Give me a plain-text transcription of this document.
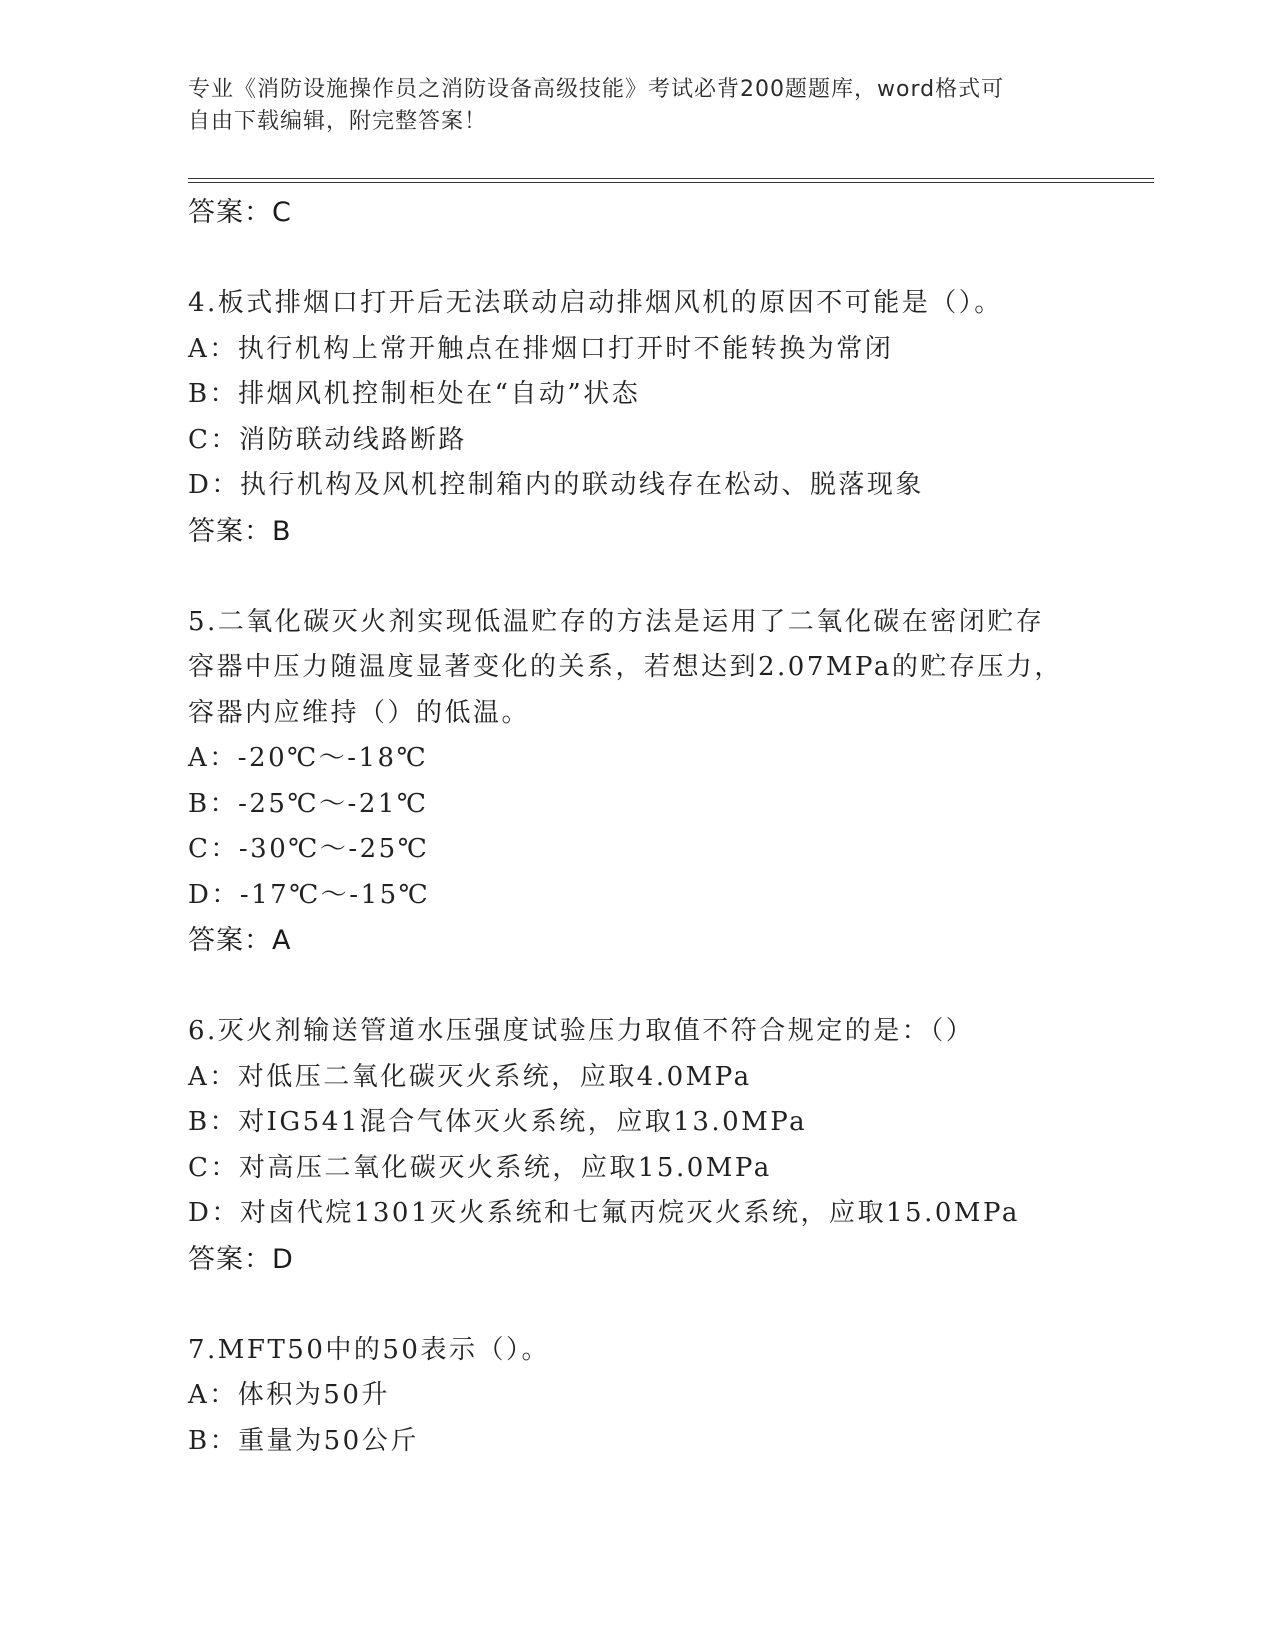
专业《消防设施操作员之消防设备高级技能》考试必背200题题库，word格式可
自由下载编辑，附完整答案！
答案：C
4.板式排烟口打开后无法联动启动排烟风机的原因不可能是（）。
A：执行机构上常开触点在排烟口打开时不能转换为常闭
B：排烟风机控制柜处在“自动”状态
C：消防联动线路断路
D：执行机构及风机控制箱内的联动线存在松动、脱落现象
答案：B
5.二氧化碳灭火剂实现低温贮存的方法是运用了二氧化碳在密闭贮存
容器中压力随温度显著变化的关系，若想达到2.07MPa的贮存压力，
容器内应维持（）的低温。
A：-20℃～-18℃
B：-25℃～-21℃
C：-30℃～-25℃
D：-17℃～-15℃
答案：A
6.灭火剂输送管道水压强度试验压力取值不符合规定的是：（）
A：对低压二氧化碳灭火系统，应取4.0MPa
B：对IG541混合气体灭火系统，应取13.0MPa
C：对高压二氧化碳灭火系统，应取15.0MPa
D：对卤代烷1301灭火系统和七氟丙烷灭火系统，应取15.0MPa
答案：D
7.MFT50中的50表示（）。
A：体积为50升
B：重量为50公斤
